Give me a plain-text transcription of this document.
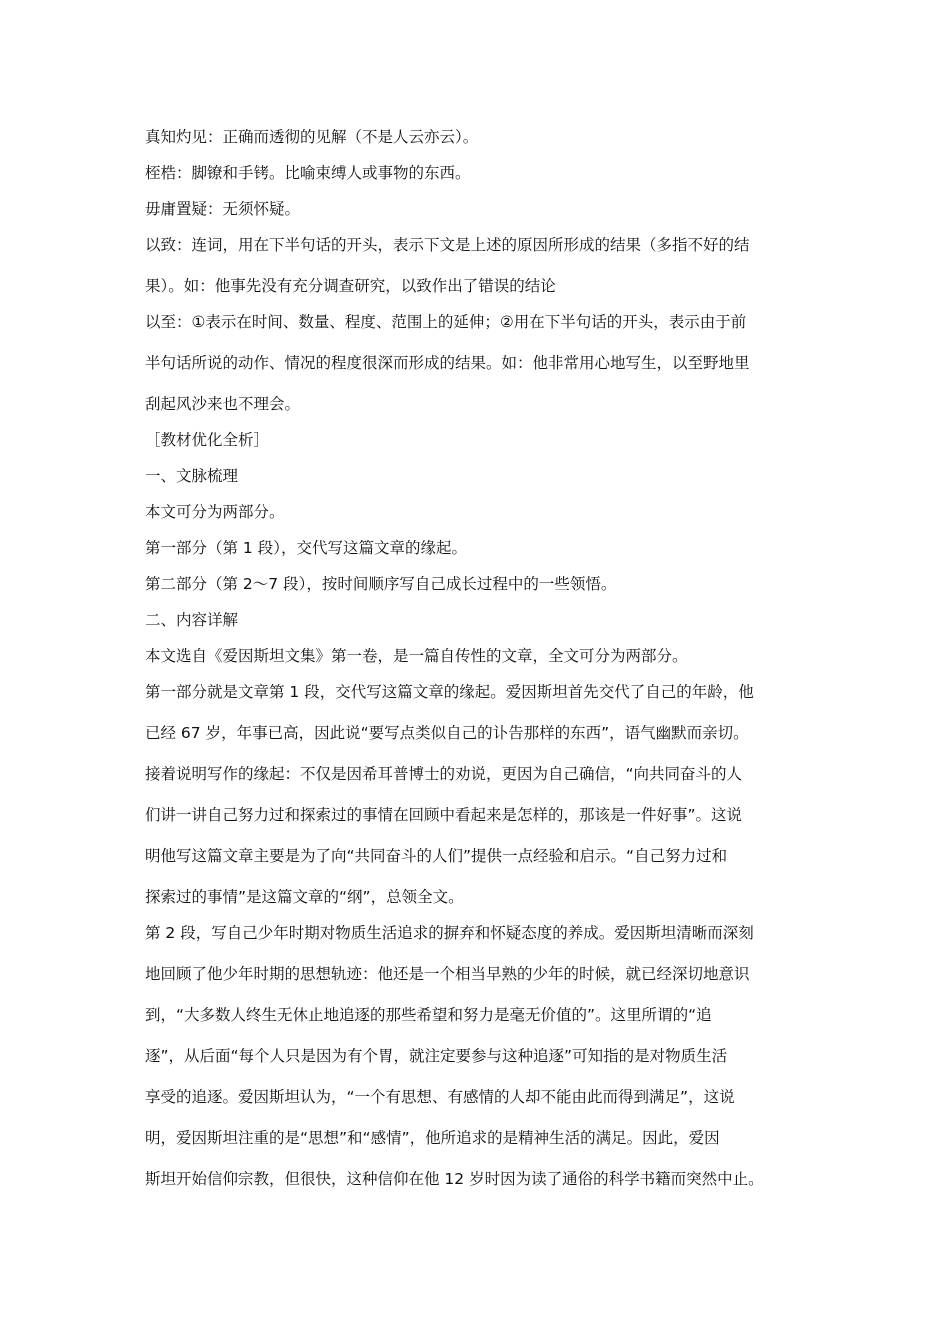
真知灼见：正确而透彻的见解（不是人云亦云）。
桎梏：脚镣和手铐。比喻束缚人或事物的东西。
毋庸置疑：无须怀疑。
以致：连词，用在下半句话的开头，表示下文是上述的原因所形成的结果（多指不好的结
果）。如：他事先没有充分调查研究，以致作出了错误的结论
以至：①表示在时间、数量、程度、范围上的延伸；②用在下半句话的开头，表示由于前
半句话所说的动作、情况的程度很深而形成的结果。如：他非常用心地写生，以至野地里
刮起风沙来也不理会。
［教材优化全析］
一、文脉梳理
本文可分为两部分。
第一部分（第 1 段），交代写这篇文章的缘起。
第二部分（第 2～7 段），按时间顺序写自己成长过程中的一些领悟。
二、内容详解
本文选自《爱因斯坦文集》第一卷，是一篇自传性的文章，全文可分为两部分。
第一部分就是文章第 1 段，交代写这篇文章的缘起。爱因斯坦首先交代了自己的年龄，他
已经 67 岁，年事已高，因此说“要写点类似自己的讣告那样的东西”，语气幽默而亲切。
接着说明写作的缘起：不仅是因希耳普博士的劝说，更因为自己确信，“向共同奋斗的人
们讲一讲自己努力过和探索过的事情在回顾中看起来是怎样的，那该是一件好事”。这说
明他写这篇文章主要是为了向“共同奋斗的人们”提供一点经验和启示。“自己努力过和
探索过的事情”是这篇文章的“纲”，总领全文。
第 2 段，写自己少年时期对物质生活追求的摒弃和怀疑态度的养成。爱因斯坦清晰而深刻
地回顾了他少年时期的思想轨迹：他还是一个相当早熟的少年的时候，就已经深切地意识
到，“大多数人终生无休止地追逐的那些希望和努力是毫无价值的”。这里所谓的“追
逐”，从后面“每个人只是因为有个胃，就注定要参与这种追逐”可知指的是对物质生活
享受的追逐。爱因斯坦认为，“一个有思想、有感情的人却不能由此而得到满足”，这说
明，爱因斯坦注重的是“思想”和“感情”，他所追求的是精神生活的满足。因此，爱因
斯坦开始信仰宗教，但很快，这种信仰在他 12 岁时因为读了通俗的科学书籍而突然中止。
